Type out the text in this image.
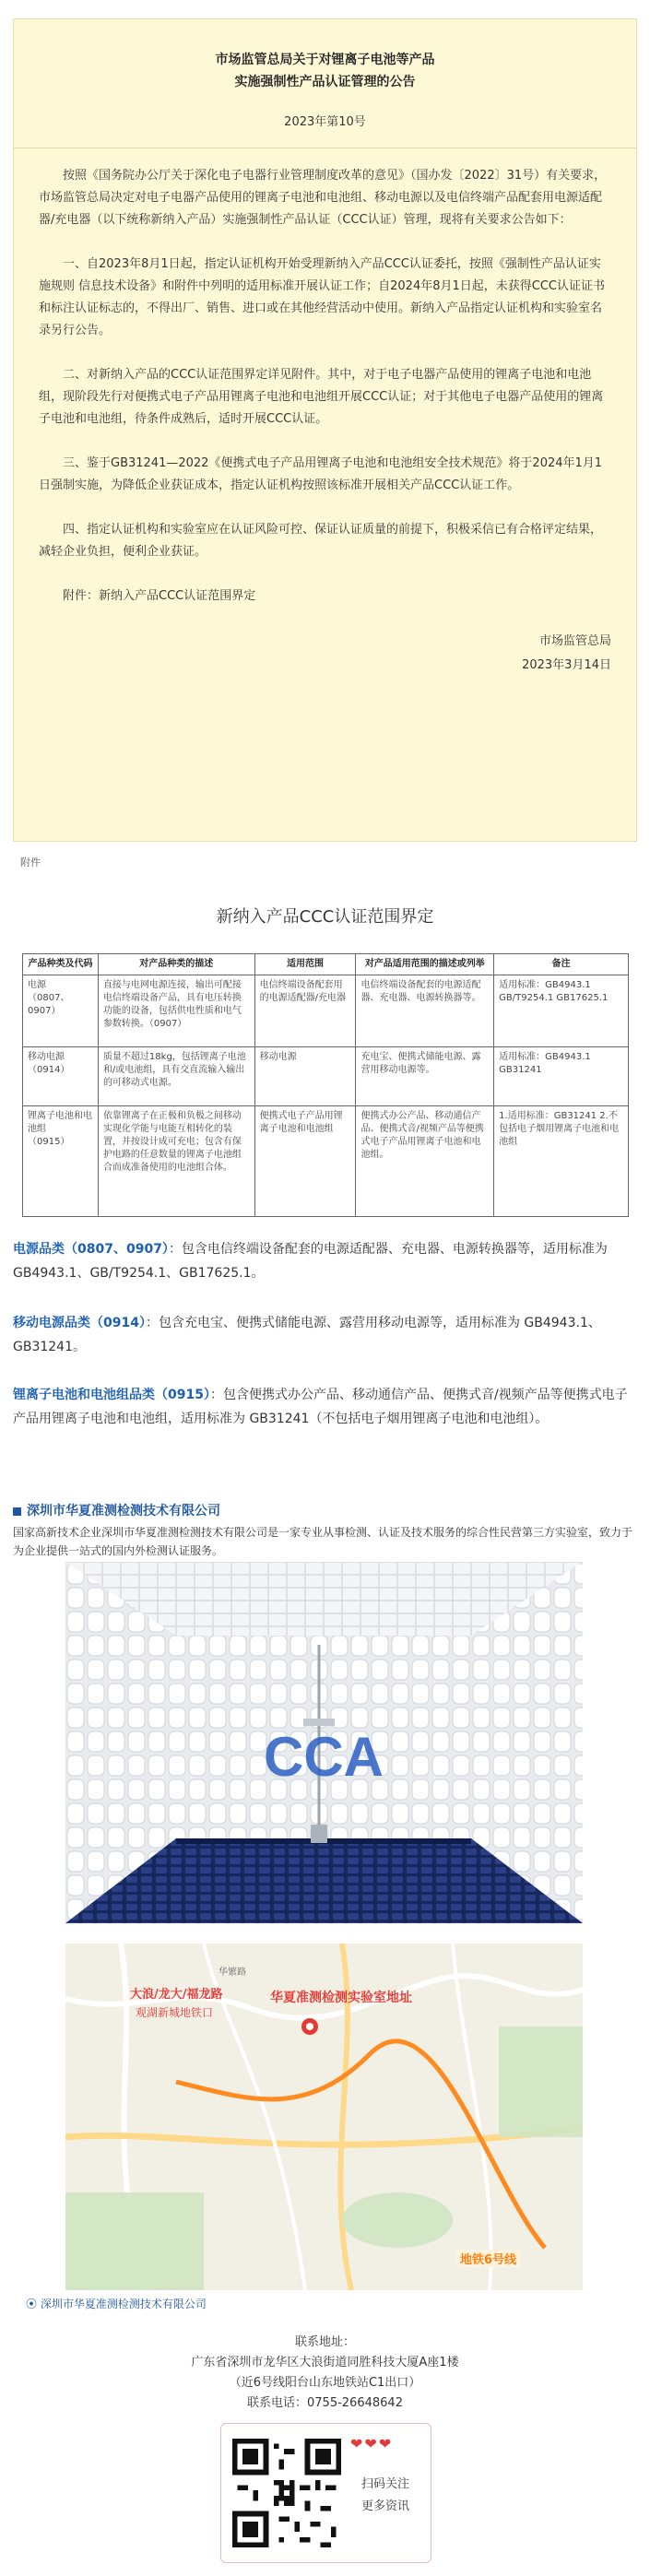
市场监管总局关于对锂离子电池等产品
实施强制性产品认证管理的公告
2023年第10号

按照《国务院办公厅关于深化电子电器行业管理制度改革的意见》（国办发〔2022〕31号）有关要求，市场监管总局决定对电子电器产品使用的锂离子电池和电池组、移动电源以及电信终端产品配套用电源适配器/充电器（以下统称新纳入产品）实施强制性产品认证（CCC认证）管理，现将有关要求公告如下：

一、自2023年8月1日起，指定认证机构开始受理新纳入产品CCC认证委托，按照《强制性产品认证实施规则 信息技术设备》和附件中列明的适用标准开展认证工作；自2024年8月1日起，未获得CCC认证证书和标注认证标志的，不得出厂、销售、进口或在其他经营活动中使用。新纳入产品指定认证机构和实验室名录另行公告。

二、对新纳入产品的CCC认证范围界定详见附件。其中，对于电子电器产品使用的锂离子电池和电池组，现阶段先行对便携式电子产品用锂离子电池和电池组开展CCC认证；对于其他电子电器产品使用的锂离子电池和电池组，待条件成熟后，适时开展CCC认证。

三、鉴于GB31241—2022《便携式电子产品用锂离子电池和电池组安全技术规范》将于2024年1月1日强制实施，为降低企业获证成本，指定认证机构按照该标准开展相关产品CCC认证工作。

四、指定认证机构和实验室应在认证风险可控、保证认证质量的前提下，积极采信已有合格评定结果，减轻企业负担，便利企业获证。

附件：新纳入产品CCC认证范围界定

市场监管总局
2023年3月14日
附件
新纳入产品CCC认证范围界定
产品种类及代码	对产品种类的描述	适用范围	对产品适用范围的描述或列举	备注

电源
（0807、0907）	直接与电网电源连接，输出可配接电信终端设备产品，具有电压转换功能的设备，包括供电性质和电气参数转换。（0907）	电信终端设备配套用的电源适配器/充电器	电信终端设备配套的电源适配器、充电器、电源转换器等。	适用标准：GB4943.1 GB/T9254.1 GB17625.1

移动电源
（0914）	质量不超过18kg，包括锂离子电池和/或电池组，具有交直流输入输出的可移动式电源。	移动电源	充电宝、便携式储能电源、露营用移动电源等。	适用标准：GB4943.1 GB31241

锂离子电池和电池组
（0915）	依靠锂离子在正极和负极之间移动实现化学能与电能互相转化的装置，并按设计成可充电；包含有保护电路的任意数量的锂离子电池组合而成准备使用的电池组合体。	便携式电子产品用锂离子电池和电池组	便携式办公产品、移动通信产品、便携式音/视频产品等便携式电子产品用锂离子电池和电池组。	1.适用标准：GB31241 2.不包括电子烟用锂离子电池和电池组
电源品类（0807、0907）：包含电信终端设备配套的电源适配器、充电器、电源转换器等，适用标准为 GB4943.1、GB/T9254.1、GB17625.1。
移动电源品类（0914）：包含充电宝、便携式储能电源、露营用移动电源等，适用标准为 GB4943.1、GB31241。
锂离子电池和电池组品类（0915）：包含便携式办公产品、移动通信产品、便携式音/视频产品等便携式电子产品用锂离子电池和电池组，适用标准为 GB31241（不包括电子烟用锂离子电池和电池组）。
深圳市华夏准测检测技术有限公司
国家高新技术企业深圳市华夏准测检测技术有限公司是一家专业从事检测、认证及技术服务的综合性民营第三方实验室，致力于为企业提供一站式的国内外检测认证服务。
CCA
华夏准测检测实验室地址
大浪/龙大/福龙路
观湖新城地铁口
华繁路
地铁6号线
⦿ 深圳市华夏准测检测技术有限公司
联系地址：
广东省深圳市龙华区大浪街道同胜科技大厦A座1楼
（近6号线阳台山东地铁站C1出口）
联系电话：0755-26648642
❤❤❤
扫码关注
更多资讯
